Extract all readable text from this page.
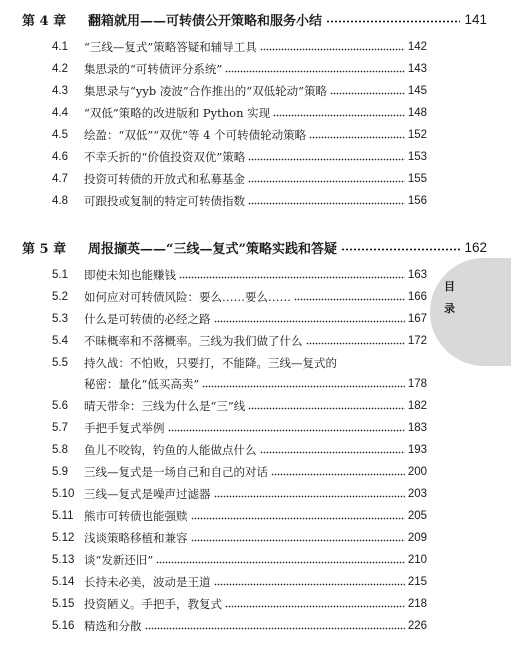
第 4 章	翻箱就用——可转债公开策略和服务小结	141
4.1	“三线—复式”策略答疑和辅导工具	142
4.2	集思录的“可转债评分系统”	143
4.3	集思录与“yyb 凌波”合作推出的“双低轮动”策略	145
4.4	“双低”策略的改进版和 Python 实现	148
4.5	绘盈：“双低”“双优”等 4 个可转债轮动策略	152
4.6	不幸夭折的“价值投资双优”策略	153
4.7	投资可转债的开放式和私募基金	155
4.8	可跟投或复制的特定可转债指数	156
第 5 章	周报撷英——“三线—复式”策略实践和答疑	162
5.1	即使未知也能赚钱	163
5.2	如何应对可转债风险：要么……要么……	166
5.3	什么是可转债的必经之路	167
5.4	不昧概率和不落概率。三线为我们做了什么	172
5.5	持久战：不怕败，只要打，不能降。三线—复式的
秘密：量化“低买高卖”	178
5.6	晴天带伞：三线为什么是“三”线	182
5.7	手把手复式举例	183
5.8	鱼儿不咬钩，钓鱼的人能做点什么	193
5.9	三线—复式是一场自己和自己的对话	200
5.10 三线—复式是噪声过滤器	203
5.11 熊市可转债也能强赎	205
5.12 浅谈策略移植和兼容	209
5.13 谈“发新还旧”	210
5.14 长持未必美，波动是王道	215
5.15 投资陋义。手把手，教复式	218
5.16 精选和分散	226
目
录
